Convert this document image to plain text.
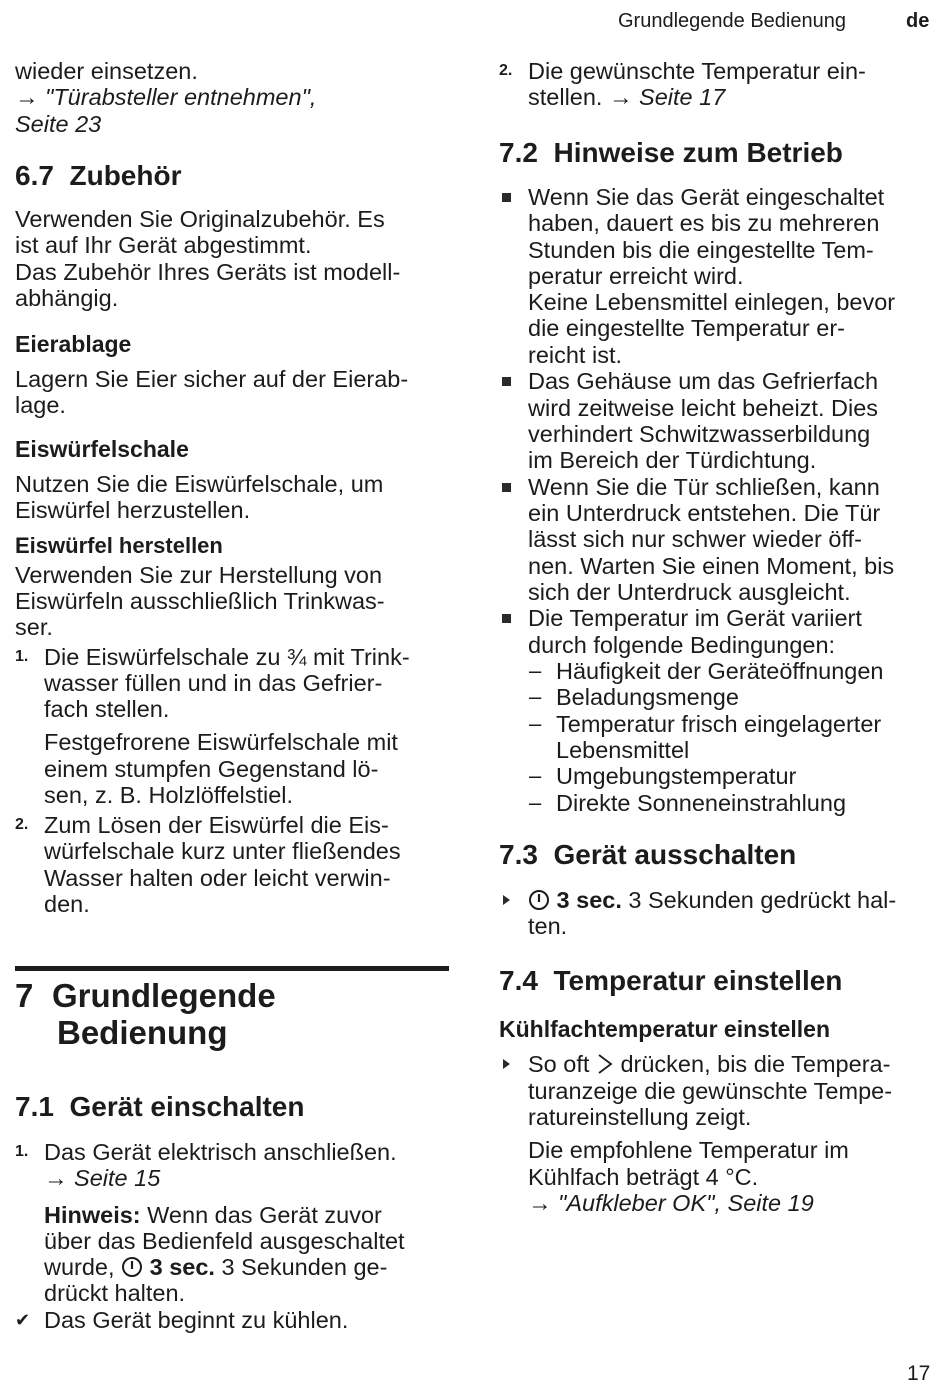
Grundlegende Bedienung	de
wieder einsetzen.
→ "Türabsteller entnehmen",
Seite 23
6.7 Zubehör
Verwenden Sie Originalzubehör. Es
ist auf Ihr Gerät abgestimmt.
Das Zubehör Ihres Geräts ist modell-
abhängig.
Eierablage
Lagern Sie Eier sicher auf der Eierab-
lage.
Eiswürfelschale
Nutzen Sie die Eiswürfelschale, um
Eiswürfel herzustellen.
Eiswürfel herstellen
Verwenden Sie zur Herstellung von
Eiswürfeln ausschließlich Trinkwas-
ser.
1. Die Eiswürfelschale zu ¾ mit Trink-
wasser füllen und in das Gefrier-
fach stellen.
Festgefrorene Eiswürfelschale mit
einem stumpfen Gegenstand lö-
sen, z. B. Holzlöffelstiel.
2. Zum Lösen der Eiswürfel die Eis-
würfelschale kurz unter fließendes
Wasser halten oder leicht verwin-
den.
7 Grundlegende
Bedienung
7.1 Gerät einschalten
1. Das Gerät elektrisch anschließen.
→ Seite 15
Hinweis: Wenn das Gerät zuvor
über das Bedienfeld ausgeschaltet
wurde, 3 sec. 3 Sekunden ge-
drückt halten.
✔ Das Gerät beginnt zu kühlen.
2. Die gewünschte Temperatur ein-
stellen. → Seite 17
7.2 Hinweise zum Betrieb
Wenn Sie das Gerät eingeschaltet
haben, dauert es bis zu mehreren
Stunden bis die eingestellte Tem-
peratur erreicht wird.
Keine Lebensmittel einlegen, bevor
die eingestellte Temperatur er-
reicht ist.
Das Gehäuse um das Gefrierfach
wird zeitweise leicht beheizt. Dies
verhindert Schwitzwasserbildung
im Bereich der Türdichtung.
Wenn Sie die Tür schließen, kann
ein Unterdruck entstehen. Die Tür
lässt sich nur schwer wieder öff-
nen. Warten Sie einen Moment, bis
sich der Unterdruck ausgleicht.
Die Temperatur im Gerät variiert
durch folgende Bedingungen:
– Häufigkeit der Geräteöffnungen
– Beladungsmenge
– Temperatur frisch eingelagerter
Lebensmittel
– Umgebungstemperatur
– Direkte Sonneneinstrahlung
7.3 Gerät ausschalten
3 sec. 3 Sekunden gedrückt hal-
ten.
7.4 Temperatur einstellen
Kühlfachtemperatur einstellen
So oft drücken, bis die Tempera-
turanzeige die gewünschte Tempe-
ratureinstellung zeigt.
Die empfohlene Temperatur im
Kühlfach beträgt 4 °C.
→ "Aufkleber OK", Seite 19
17
